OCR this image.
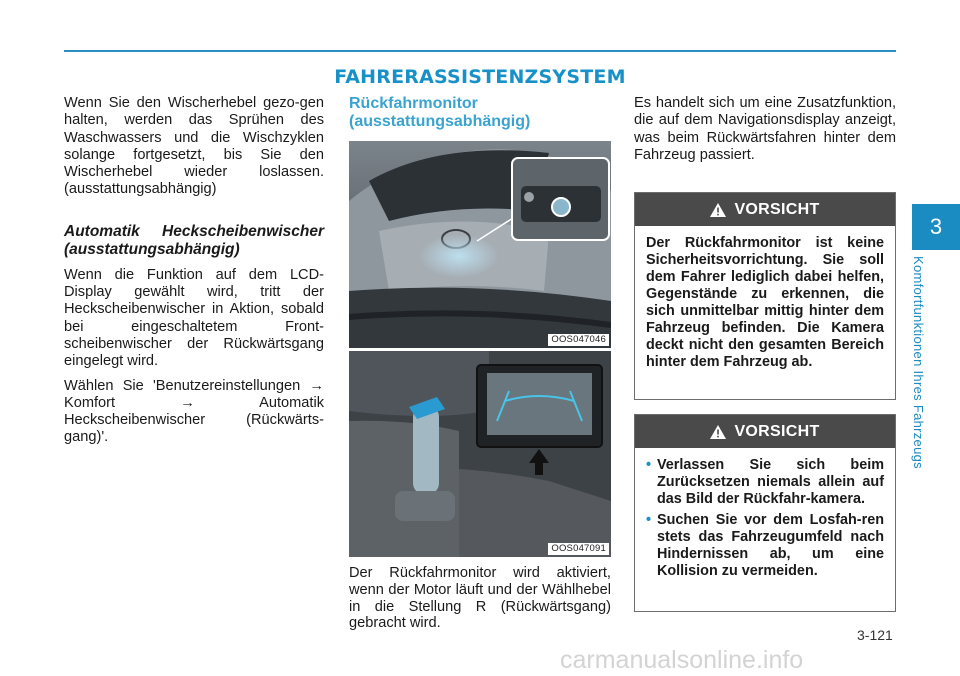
FAHRERASSISTENZSYSTEM

Wenn Sie den Wischerhebel gezo-gen halten, werden das Sprühen des Waschwassers und die Wischzyklen solange fortgesetzt, bis Sie den Wischerhebel wieder loslassen. (ausstattungsabhängig)

Automatik Heckscheibenwischer (ausstattungsabhängig)

Wenn die Funktion auf dem LCD-Display gewählt wird, tritt der Heckscheibenwischer in Aktion, sobald bei eingeschaltetem Front-scheibenwischer der Rückwärtsgang eingelegt wird.

Wählen Sie 'Benutzereinstellungen → Komfort → Automatik Heckscheibenwischer (Rückwärts-gang)'.

Rückfahrmonitor (ausstattungsabhängig)
OOS047046
OOS047091

Der Rückfahrmonitor wird aktiviert, wenn der Motor läuft und der Wählhebel in die Stellung R (Rückwärtsgang) gebracht wird.

Es handelt sich um eine Zusatzfunktion, die auf dem Navigationsdisplay anzeigt, was beim Rückwärtsfahren hinter dem Fahrzeug passiert.

VORSICHT

Der Rückfahrmonitor ist keine Sicherheitsvorrichtung. Sie soll dem Fahrer lediglich dabei helfen, Gegenstände zu erkennen, die sich unmittelbar mittig hinter dem Fahrzeug befinden. Die Kamera deckt nicht den gesamten Bereich hinter dem Fahrzeug ab.

VORSICHT
• Verlassen Sie sich beim Zurücksetzen niemals allein auf das Bild der Rückfahr-kamera.
• Suchen Sie vor dem Losfah-ren stets das Fahrzeugumfeld nach Hindernissen ab, um eine Kollision zu vermeiden.
3
Komfortfunktionen Ihres Fahrzeugs
3-121
carmanualsonline.info
